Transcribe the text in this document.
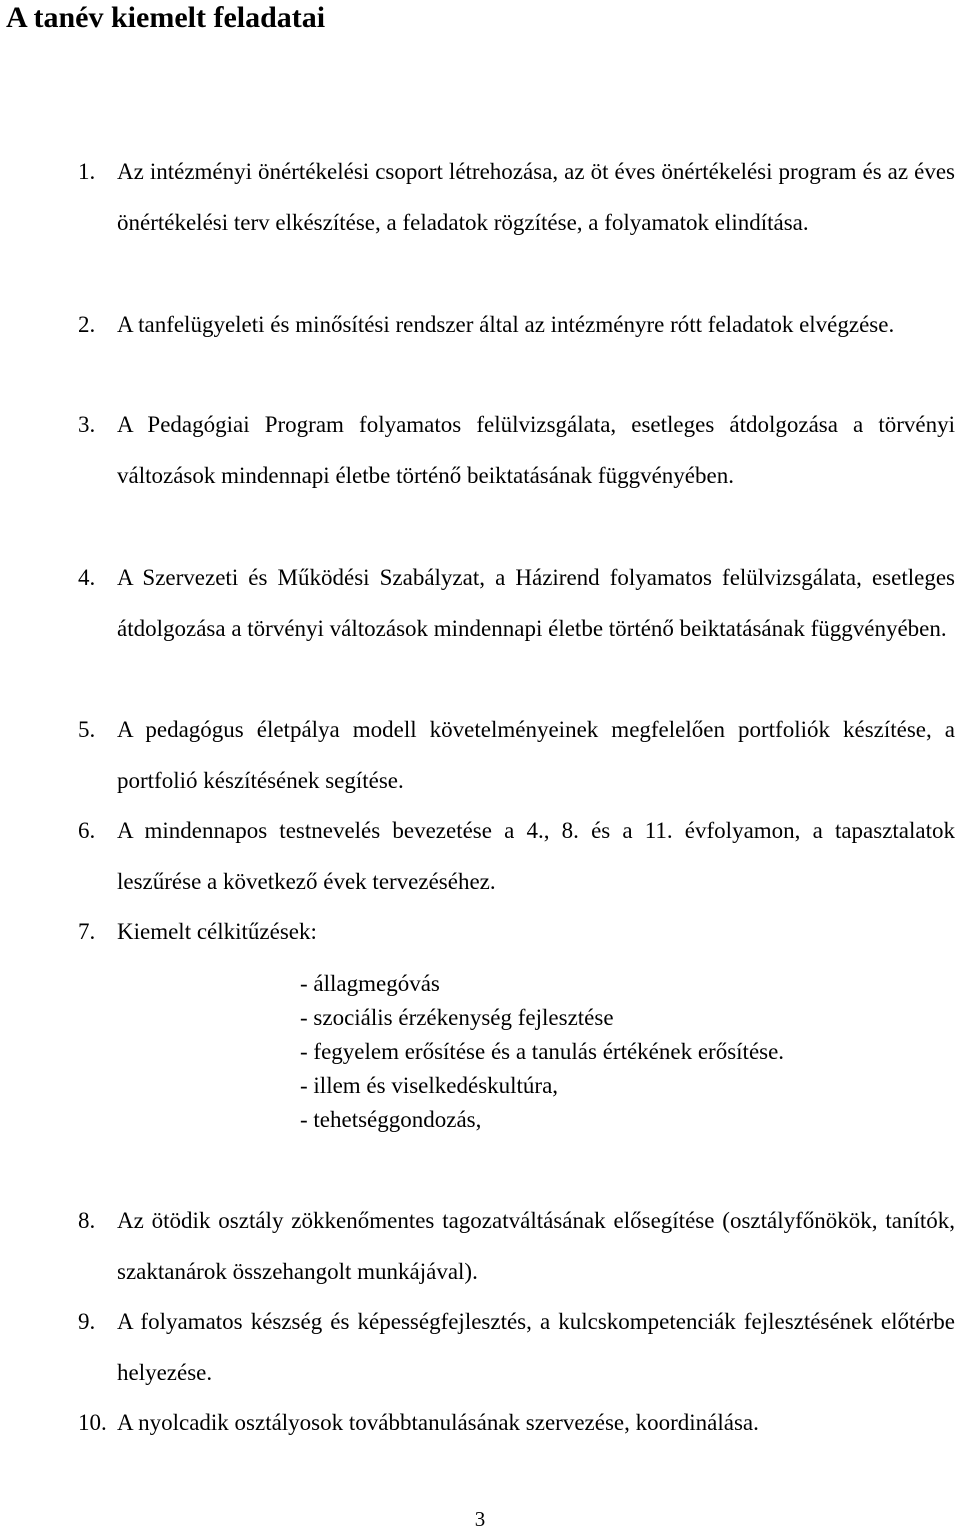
A tanév kiemelt feladatai
1. Az intézményi önértékelési csoport létrehozása, az öt éves önértékelési program és az éves önértékelési terv elkészítése, a feladatok rögzítése, a folyamatok elindítása.
2. A tanfelügyeleti és minősítési rendszer által az intézményre rótt feladatok elvégzése.
3. A Pedagógiai Program folyamatos felülvizsgálata, esetleges átdolgozása a törvényi változások mindennapi életbe történő beiktatásának függvényében.
4. A Szervezeti és Működési Szabályzat, a Házirend folyamatos felülvizsgálata, esetleges átdolgozása a törvényi változások mindennapi életbe történő beiktatásának függvényében.
5. A pedagógus életpálya modell követelményeinek megfelelően portfoliók készítése, a portfolió készítésének segítése.
6. A mindennapos testnevelés bevezetése a 4., 8. és a 11. évfolyamon, a tapasztalatok leszűrése a következő évek tervezéséhez.
7. Kiemelt célkitűzések:
- állagmegóvás
- szociális érzékenység fejlesztése
- fegyelem erősítése és a tanulás értékének erősítése.
- illem és viselkedéskultúra,
- tehetséggondozás,
8. Az ötödik osztály zökkenőmentes tagozatváltásának elősegítése (osztályfőnökök, tanítók, szaktanárok összehangolt munkájával).
9. A folyamatos készség és képességfejlesztés, a kulcskompetenciák fejlesztésének előtérbe helyezése.
10. A nyolcadik osztályosok továbbtanulásának szervezése, koordinálása.
3
